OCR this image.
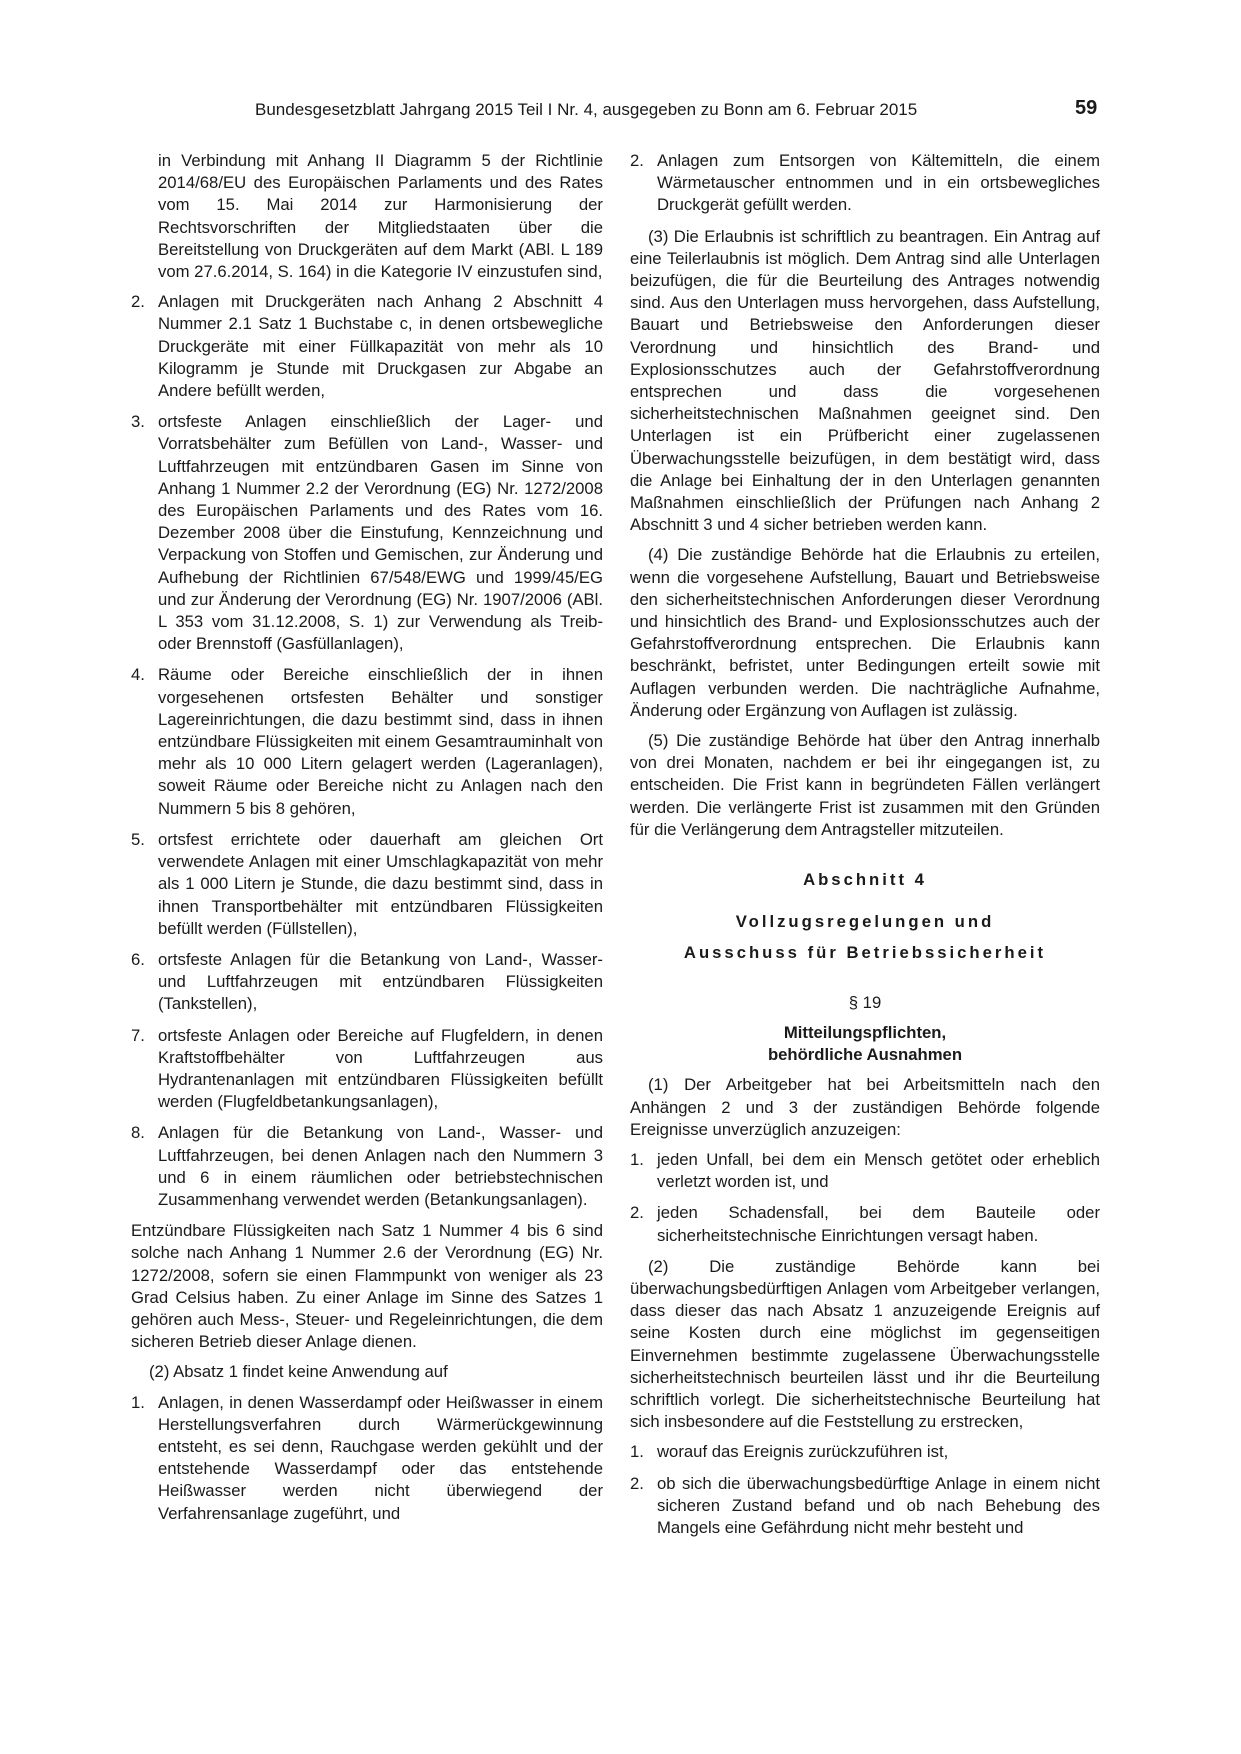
Bundesgesetzblatt Jahrgang 2015 Teil I Nr. 4, ausgegeben zu Bonn am 6. Februar 2015	59

in Verbindung mit Anhang II Diagramm 5 der Richtlinie 2014/68/EU des Europäischen Parlaments und des Rates vom 15. Mai 2014 zur Harmonisierung der Rechtsvorschriften der Mitgliedstaaten über die Bereitstellung von Druckgeräten auf dem Markt (ABl. L 189 vom 27.6.2014, S. 164) in die Kategorie IV einzustufen sind,

2. Anlagen mit Druckgeräten nach Anhang 2 Abschnitt 4 Nummer 2.1 Satz 1 Buchstabe c, in denen ortsbewegliche Druckgeräte mit einer Füllkapazität von mehr als 10 Kilogramm je Stunde mit Druckgasen zur Abgabe an Andere befüllt werden,
3. ortsfeste Anlagen einschließlich der Lager- und Vorratsbehälter zum Befüllen von Land-, Wasser- und Luftfahrzeugen mit entzündbaren Gasen im Sinne von Anhang 1 Nummer 2.2 der Verordnung (EG) Nr. 1272/2008 des Europäischen Parlaments und des Rates vom 16. Dezember 2008 über die Einstufung, Kennzeichnung und Verpackung von Stoffen und Gemischen, zur Änderung und Aufhebung der Richtlinien 67/548/EWG und 1999/45/EG und zur Änderung der Verordnung (EG) Nr. 1907/2006 (ABl. L 353 vom 31.12.2008, S. 1) zur Verwendung als Treib- oder Brennstoff (Gasfüllanlagen),
4. Räume oder Bereiche einschließlich der in ihnen vorgesehenen ortsfesten Behälter und sonstiger Lagereinrichtungen, die dazu bestimmt sind, dass in ihnen entzündbare Flüssigkeiten mit einem Gesamtrauminhalt von mehr als 10 000 Litern gelagert werden (Lageranlagen), soweit Räume oder Bereiche nicht zu Anlagen nach den Nummern 5 bis 8 gehören,
5. ortsfest errichtete oder dauerhaft am gleichen Ort verwendete Anlagen mit einer Umschlagkapazität von mehr als 1 000 Litern je Stunde, die dazu bestimmt sind, dass in ihnen Transportbehälter mit entzündbaren Flüssigkeiten befüllt werden (Füllstellen),
6. ortsfeste Anlagen für die Betankung von Land-, Wasser- und Luftfahrzeugen mit entzündbaren Flüssigkeiten (Tankstellen),
7. ortsfeste Anlagen oder Bereiche auf Flugfeldern, in denen Kraftstoffbehälter von Luftfahrzeugen aus Hydrantenanlagen mit entzündbaren Flüssigkeiten befüllt werden (Flugfeldbetankungsanlagen),
8. Anlagen für die Betankung von Land-, Wasser- und Luftfahrzeugen, bei denen Anlagen nach den Nummern 3 und 6 in einem räumlichen oder betriebstechnischen Zusammenhang verwendet werden (Betankungsanlagen).

Entzündbare Flüssigkeiten nach Satz 1 Nummer 4 bis 6 sind solche nach Anhang 1 Nummer 2.6 der Verordnung (EG) Nr. 1272/2008, sofern sie einen Flammpunkt von weniger als 23 Grad Celsius haben. Zu einer Anlage im Sinne des Satzes 1 gehören auch Mess-, Steuer- und Regeleinrichtungen, die dem sicheren Betrieb dieser Anlage dienen.

(2) Absatz 1 findet keine Anwendung auf

1. Anlagen, in denen Wasserdampf oder Heißwasser in einem Herstellungsverfahren durch Wärmerückgewinnung entsteht, es sei denn, Rauchgase werden gekühlt und der entstehende Wasserdampf oder das entstehende Heißwasser werden nicht überwiegend der Verfahrensanlage zugeführt, und
2. Anlagen zum Entsorgen von Kältemitteln, die einem Wärmetauscher entnommen und in ein ortsbewegliches Druckgerät gefüllt werden.

(3) Die Erlaubnis ist schriftlich zu beantragen. Ein Antrag auf eine Teilerlaubnis ist möglich. Dem Antrag sind alle Unterlagen beizufügen, die für die Beurteilung des Antrages notwendig sind. Aus den Unterlagen muss hervorgehen, dass Aufstellung, Bauart und Betriebsweise den Anforderungen dieser Verordnung und hinsichtlich des Brand- und Explosionsschutzes auch der Gefahrstoffverordnung entsprechen und dass die vorgesehenen sicherheitstechnischen Maßnahmen geeignet sind. Den Unterlagen ist ein Prüfbericht einer zugelassenen Überwachungsstelle beizufügen, in dem bestätigt wird, dass die Anlage bei Einhaltung der in den Unterlagen genannten Maßnahmen einschließlich der Prüfungen nach Anhang 2 Abschnitt 3 und 4 sicher betrieben werden kann.

(4) Die zuständige Behörde hat die Erlaubnis zu erteilen, wenn die vorgesehene Aufstellung, Bauart und Betriebsweise den sicherheitstechnischen Anforderungen dieser Verordnung und hinsichtlich des Brand- und Explosionsschutzes auch der Gefahrstoffverordnung entsprechen. Die Erlaubnis kann beschränkt, befristet, unter Bedingungen erteilt sowie mit Auflagen verbunden werden. Die nachträgliche Aufnahme, Änderung oder Ergänzung von Auflagen ist zulässig.

(5) Die zuständige Behörde hat über den Antrag innerhalb von drei Monaten, nachdem er bei ihr eingegangen ist, zu entscheiden. Die Frist kann in begründeten Fällen verlängert werden. Die verlängerte Frist ist zusammen mit den Gründen für die Verlängerung dem Antragsteller mitzuteilen.

Abschnitt 4

Vollzugsregelungen und

Ausschuss für Betriebssicherheit

§ 19

Mitteilungspflichten,

behördliche Ausnahmen

(1) Der Arbeitgeber hat bei Arbeitsmitteln nach den Anhängen 2 und 3 der zuständigen Behörde folgende Ereignisse unverzüglich anzuzeigen:

1. jeden Unfall, bei dem ein Mensch getötet oder erheblich verletzt worden ist, und
2. jeden Schadensfall, bei dem Bauteile oder sicherheitstechnische Einrichtungen versagt haben.

(2) Die zuständige Behörde kann bei überwachungsbedürftigen Anlagen vom Arbeitgeber verlangen, dass dieser das nach Absatz 1 anzuzeigende Ereignis auf seine Kosten durch eine möglichst im gegenseitigen Einvernehmen bestimmte zugelassene Überwachungsstelle sicherheitstechnisch beurteilen lässt und ihr die Beurteilung schriftlich vorlegt. Die sicherheitstechnische Beurteilung hat sich insbesondere auf die Feststellung zu erstrecken,

1. worauf das Ereignis zurückzuführen ist,
2. ob sich die überwachungsbedürftige Anlage in einem nicht sicheren Zustand befand und ob nach Behebung des Mangels eine Gefährdung nicht mehr besteht und
